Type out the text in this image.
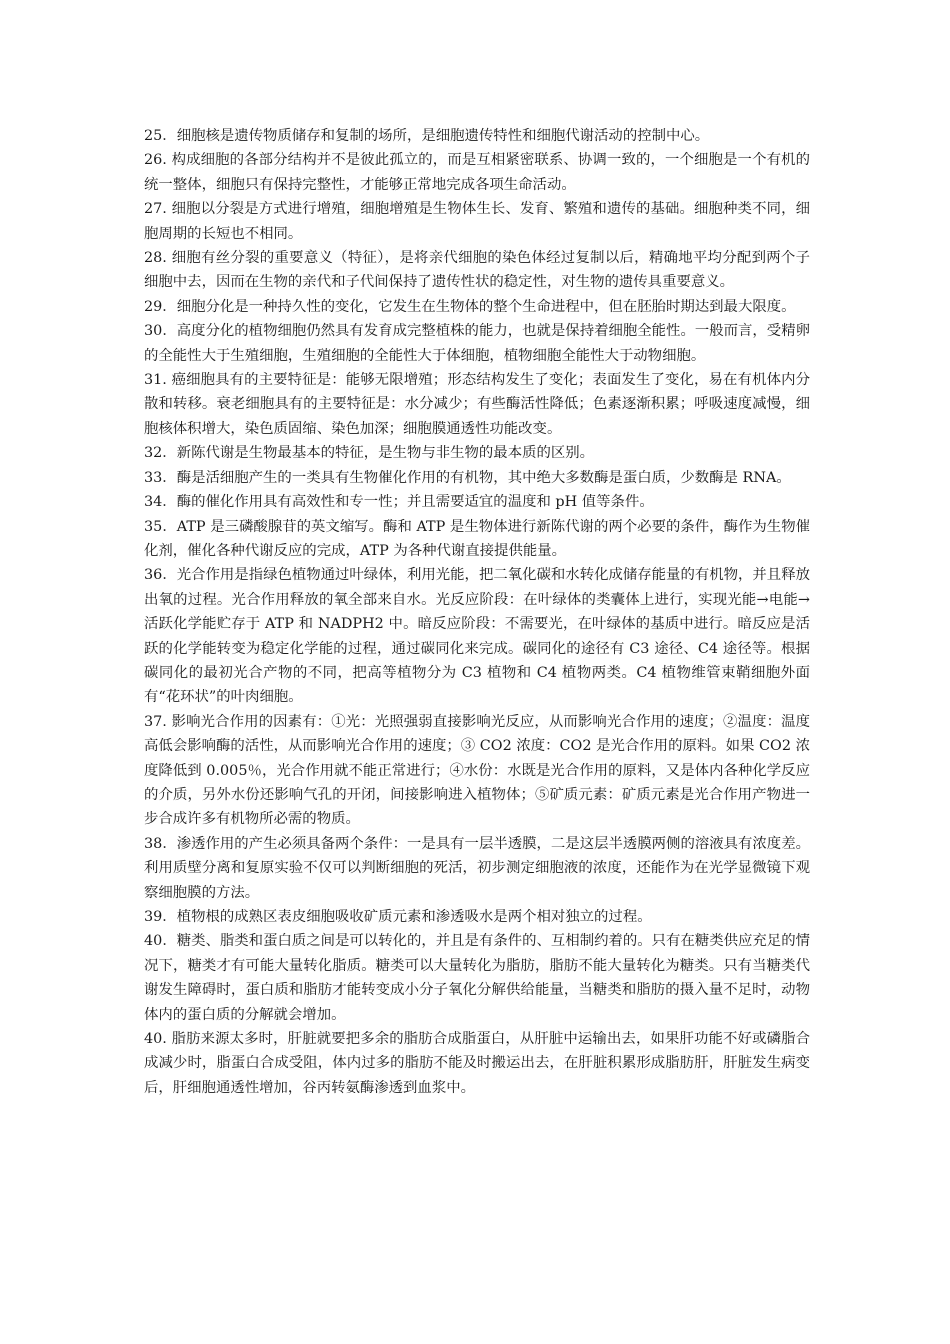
25．细胞核是遗传物质储存和复制的场所，是细胞遗传特性和细胞代谢活动的控制中心。

26. 构成细胞的各部分结构并不是彼此孤立的，而是互相紧密联系、协调一致的，一个细胞是一个有机的统一整体，细胞只有保持完整性，才能够正常地完成各项生命活动。

27. 细胞以分裂是方式进行增殖，细胞增殖是生物体生长、发育、繁殖和遗传的基础。细胞种类不同，细胞周期的长短也不相同。

28. 细胞有丝分裂的重要意义（特征），是将亲代细胞的染色体经过复制以后，精确地平均分配到两个子细胞中去，因而在生物的亲代和子代间保持了遗传性状的稳定性，对生物的遗传具重要意义。

29．细胞分化是一种持久性的变化，它发生在生物体的整个生命进程中，但在胚胎时期达到最大限度。

30．高度分化的植物细胞仍然具有发育成完整植株的能力，也就是保持着细胞全能性。一般而言，受精卵的全能性大于生殖细胞，生殖细胞的全能性大于体细胞，植物细胞全能性大于动物细胞。

31. 癌细胞具有的主要特征是：能够无限增殖；形态结构发生了变化；表面发生了变化，易在有机体内分散和转移。衰老细胞具有的主要特征是：水分减少；有些酶活性降低；色素逐渐积累；呼吸速度减慢，细胞核体积增大，染色质固缩、染色加深；细胞膜通透性功能改变。

32．新陈代谢是生物最基本的特征，是生物与非生物的最本质的区别。

33．酶是活细胞产生的一类具有生物催化作用的有机物，其中绝大多数酶是蛋白质，少数酶是 RNA。

34．酶的催化作用具有高效性和专一性；并且需要适宜的温度和 pH 值等条件。

35．ATP 是三磷酸腺苷的英文缩写。酶和 ATP 是生物体进行新陈代谢的两个必要的条件，酶作为生物催化剂，催化各种代谢反应的完成，ATP 为各种代谢直接提供能量。

36．光合作用是指绿色植物通过叶绿体，利用光能，把二氧化碳和水转化成储存能量的有机物，并且释放出氧的过程。光合作用释放的氧全部来自水。光反应阶段：在叶绿体的类囊体上进行，实现光能→电能→活跃化学能贮存于 ATP 和 NADPH2 中。暗反应阶段：不需要光，在叶绿体的基质中进行。暗反应是活跃的化学能转变为稳定化学能的过程，通过碳同化来完成。碳同化的途径有 C3 途径、C4 途径等。根据碳同化的最初光合产物的不同，把高等植物分为 C3 植物和 C4 植物两类。C4 植物维管束鞘细胞外面有“花环状”的叶肉细胞。

37. 影响光合作用的因素有：①光：光照强弱直接影响光反应，从而影响光合作用的速度；②温度：温度高低会影响酶的活性，从而影响光合作用的速度；③ CO2 浓度：CO2 是光合作用的原料。如果 CO2 浓度降低到 0.005％，光合作用就不能正常进行；④水份：水既是光合作用的原料，又是体内各种化学反应的介质，另外水份还影响气孔的开闭，间接影响进入植物体；⑤矿质元素：矿质元素是光合作用产物进一步合成许多有机物所必需的物质。

38．渗透作用的产生必须具备两个条件：一是具有一层半透膜，二是这层半透膜两侧的溶液具有浓度差。利用质壁分离和复原实验不仅可以判断细胞的死活，初步测定细胞液的浓度，还能作为在光学显微镜下观察细胞膜的方法。

39．植物根的成熟区表皮细胞吸收矿质元素和渗透吸水是两个相对独立的过程。

40．糖类、脂类和蛋白质之间是可以转化的，并且是有条件的、互相制约着的。只有在糖类供应充足的情况下，糖类才有可能大量转化脂质。糖类可以大量转化为脂肪，脂肪不能大量转化为糖类。只有当糖类代谢发生障碍时，蛋白质和脂肪才能转变成小分子氧化分解供给能量，当糖类和脂肪的摄入量不足时，动物体内的蛋白质的分解就会增加。

40. 脂肪来源太多时，肝脏就要把多余的脂肪合成脂蛋白，从肝脏中运输出去，如果肝功能不好或磷脂合成减少时，脂蛋白合成受阻，体内过多的脂肪不能及时搬运出去，在肝脏积累形成脂肪肝，肝脏发生病变后，肝细胞通透性增加，谷丙转氨酶渗透到血浆中。
